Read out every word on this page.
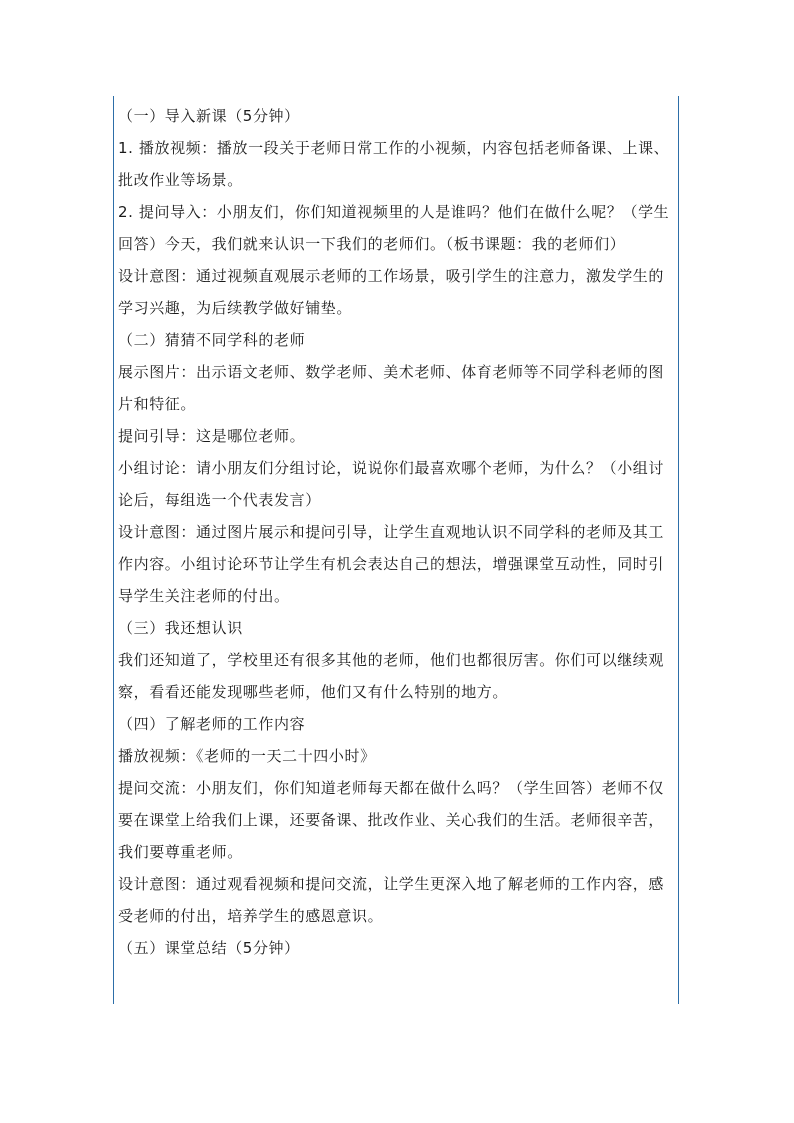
（一）导入新课（5分钟）

1. 播放视频：播放一段关于老师日常工作的小视频，内容包括老师备课、上课、批改作业等场景。

2. 提问导入：小朋友们，你们知道视频里的人是谁吗？他们在做什么呢？（学生回答）今天，我们就来认识一下我们的老师们。（板书课题：我的老师们）

设计意图：通过视频直观展示老师的工作场景，吸引学生的注意力，激发学生的学习兴趣，为后续教学做好铺垫。

（二）猜猜不同学科的老师

展示图片：出示语文老师、数学老师、美术老师、体育老师等不同学科老师的图片和特征。

提问引导：这是哪位老师。

小组讨论：请小朋友们分组讨论，说说你们最喜欢哪个老师，为什么？（小组讨论后，每组选一个代表发言）

设计意图：通过图片展示和提问引导，让学生直观地认识不同学科的老师及其工作内容。小组讨论环节让学生有机会表达自己的想法，增强课堂互动性，同时引导学生关注老师的付出。

（三）我还想认识

我们还知道了，学校里还有很多其他的老师，他们也都很厉害。你们可以继续观察，看看还能发现哪些老师，他们又有什么特别的地方。

（四）了解老师的工作内容

播放视频：《老师的一天二十四小时》

提问交流：小朋友们，你们知道老师每天都在做什么吗？（学生回答）老师不仅要在课堂上给我们上课，还要备课、批改作业、关心我们的生活。老师很辛苦，我们要尊重老师。

设计意图：通过观看视频和提问交流，让学生更深入地了解老师的工作内容，感受老师的付出，培养学生的感恩意识。

（五）课堂总结（5分钟）
